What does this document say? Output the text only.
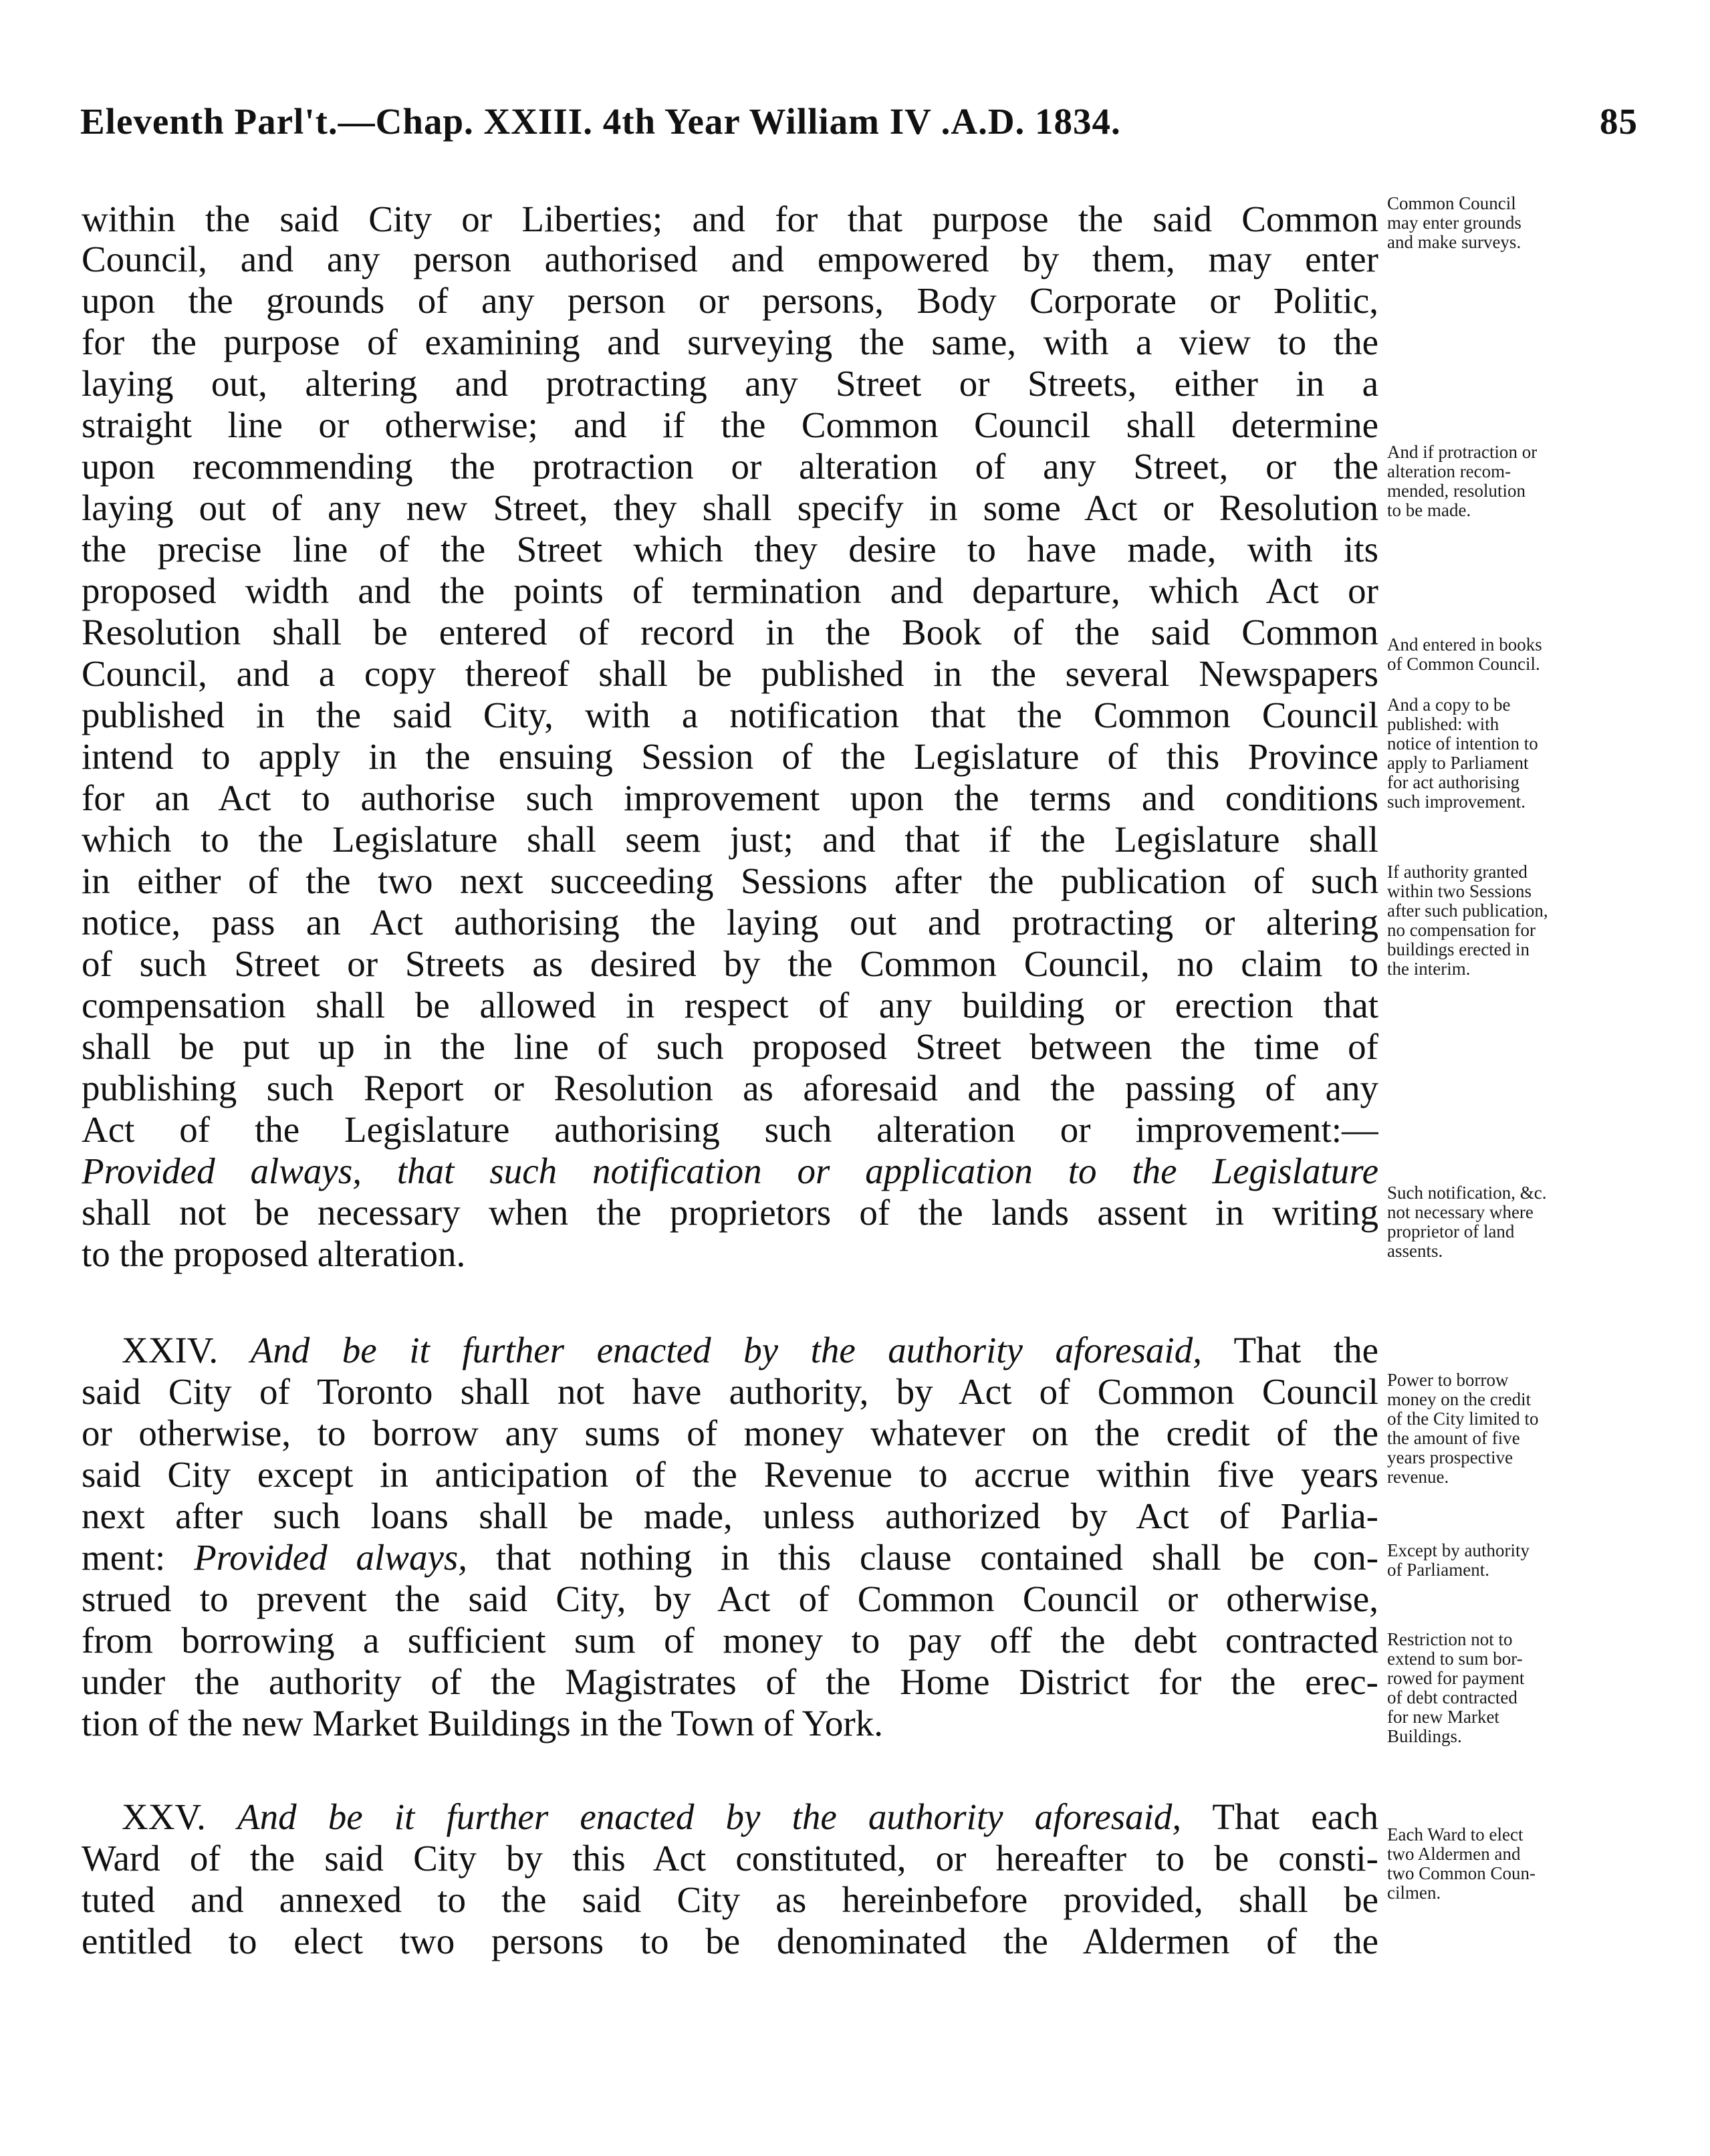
Eleventh Parl't.—Chap. XXIII. 4th Year William IV .A.D. 1834.	85
within the said City or Liberties; and for that purpose the said Common
Council, and any person authorised and empowered by them, may enter
upon the grounds of any person or persons, Body Corporate or Politic,
for the purpose of examining and surveying the same, with a view to the
laying out, altering and protracting any Street or Streets, either in a
straight line or otherwise; and if the Common Council shall determine
upon recommending the protraction or alteration of any Street, or the
laying out of any new Street, they shall specify in some Act or Resolution
the precise line of the Street which they desire to have made, with its
proposed width and the points of termination and departure, which Act or
Resolution shall be entered of record in the Book of the said Common
Council, and a copy thereof shall be published in the several Newspapers
published in the said City, with a notification that the Common Council
intend to apply in the ensuing Session of the Legislature of this Province
for an Act to authorise such improvement upon the terms and conditions
which to the Legislature shall seem just; and that if the Legislature shall
in either of the two next succeeding Sessions after the publication of such
notice, pass an Act authorising the laying out and protracting or altering
of such Street or Streets as desired by the Common Council, no claim to
compensation shall be allowed in respect of any building or erection that
shall be put up in the line of such proposed Street between the time of
publishing such Report or Resolution as aforesaid and the passing of any
Act of the Legislature authorising such alteration or improvement:—
Provided always, that such notification or application to the Legislature
shall not be necessary when the proprietors of the lands assent in writing
to the proposed alteration.
XXIV. And be it further enacted by the authority aforesaid, That the
said City of Toronto shall not have authority, by Act of Common Council
or otherwise, to borrow any sums of money whatever on the credit of the
said City except in anticipation of the Revenue to accrue within five years
next after such loans shall be made, unless authorized by Act of Parlia-
ment: Provided always, that nothing in this clause contained shall be con-
strued to prevent the said City, by Act of Common Council or otherwise,
from borrowing a sufficient sum of money to pay off the debt contracted
under the authority of the Magistrates of the Home District for the erec-
tion of the new Market Buildings in the Town of York.
XXV. And be it further enacted by the authority aforesaid, That each
Ward of the said City by this Act constituted, or hereafter to be consti-
tuted and annexed to the said City as hereinbefore provided, shall be
entitled to elect two persons to be denominated the Aldermen of the
Common Council
may enter grounds
and make surveys.
And if protraction or
alteration recom-
mended, resolution
to be made.
And entered in books
of Common Council.
And a copy to be
published: with
notice of intention to
apply to Parliament
for act authorising
such improvement.
If authority granted
within two Sessions
after such publication,
no compensation for
buildings erected in
the interim.
Such notification, &c.
not necessary where
proprietor of land
assents.
Power to borrow
money on the credit
of the City limited to
the amount of five
years prospective
revenue.
Except by authority
of Parliament.
Restriction not to
extend to sum bor-
rowed for payment
of debt contracted
for new Market
Buildings.
Each Ward to elect
two Aldermen and
two Common Coun-
cilmen.
